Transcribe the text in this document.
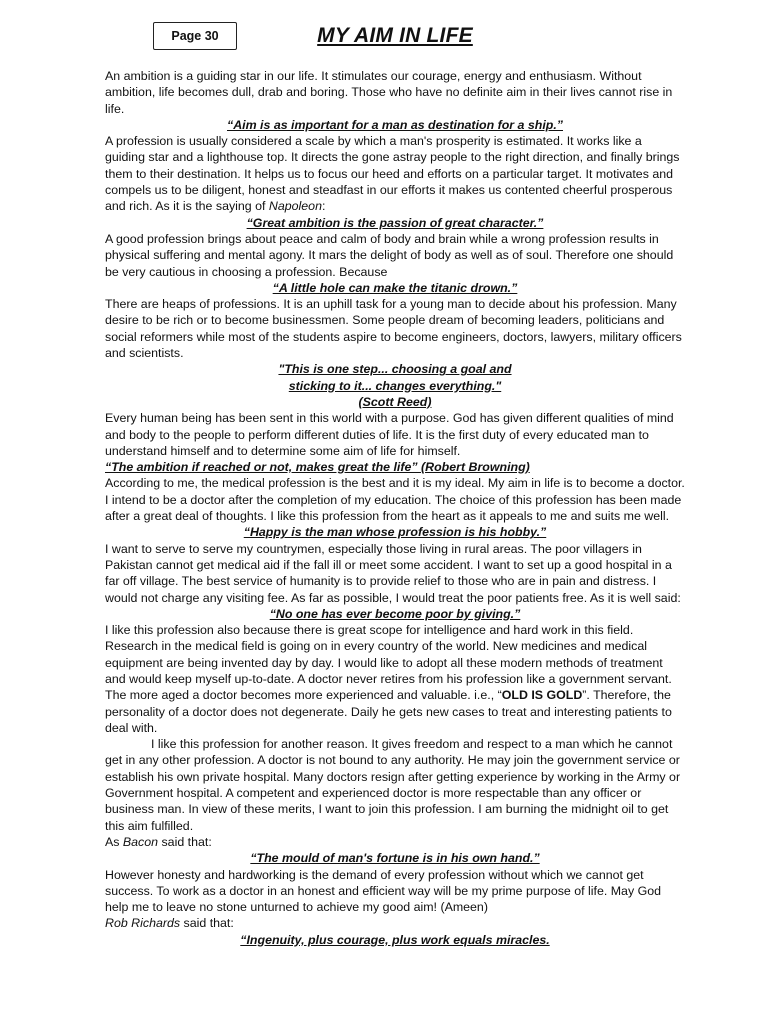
Page 30	MY AIM IN LIFE

An ambition is a guiding star in our life. It stimulates our courage, energy and enthusiasm. Without ambition, life becomes dull, drab and boring. Those who have no definite aim in their lives cannot rise in life.

“Aim is as important for a man as destination for a ship.”

A profession is usually considered a scale by which a man's prosperity is estimated. It works like a guiding star and a lighthouse top. It directs the gone astray people to the right direction, and finally brings them to their destination. It helps us to focus our heed and efforts on a particular target. It motivates and compels us to be diligent, honest and steadfast in our efforts it makes us contented cheerful prosperous and rich. As it is the saying of Napoleon:

“Great ambition is the passion of great character.”

A good profession brings about peace and calm of body and brain while a wrong profession results in physical suffering and mental agony. It mars the delight of body as well as of soul. Therefore one should be very cautious in choosing a profession. Because

“A little hole can make the titanic drown.”

There are heaps of professions. It is an uphill task for a young man to decide about his profession. Many desire to be rich or to become businessmen. Some people dream of becoming leaders, politicians and social reformers while most of the students aspire to become engineers, doctors, lawyers, military officers and scientists.

"This is one step... choosing a goal and

sticking to it... changes everything."

(Scott Reed)

Every human being has been sent in this world with a purpose. God has given different qualities of mind and body to the people to perform different duties of life. It is the first duty of every educated man to understand himself and to determine some aim of life for himself.

“The ambition if reached or not, makes great the life” (Robert Browning)

According to me, the medical profession is the best and it is my ideal. My aim in life is to become a doctor. I intend to be a doctor after the completion of my education. The choice of this profession has been made after a great deal of thoughts. I like this profession from the heart as it appeals to me and suits me well.

“Happy is the man whose profession is his hobby.”

I want to serve to serve my countrymen, especially those living in rural areas. The poor villagers in Pakistan cannot get medical aid if the fall ill or meet some accident. I want to set up a good hospital in a far off village. The best service of humanity is to provide relief to those who are in pain and distress. I would not charge any visiting fee. As far as possible, I would treat the poor patients free. As it is well said:

“No one has ever become poor by giving.”

I like this profession also because there is great scope for intelligence and hard work in this field. Research in the medical field is going on in every country of the world. New medicines and medical equipment are being invented day by day. I would like to adopt all these modern methods of treatment and would keep myself up-to-date. A doctor never retires from his profession like a government servant. The more aged a doctor becomes more experienced and valuable. i.e., “OLD IS GOLD”. Therefore, the personality of a doctor does not degenerate. Daily he gets new cases to treat and interesting patients to deal with.

I like this profession for another reason. It gives freedom and respect to a man which he cannot get in any other profession. A doctor is not bound to any authority. He may join the government service or establish his own private hospital. Many doctors resign after getting experience by working in the Army or Government hospital. A competent and experienced doctor is more respectable than any officer or business man. In view of these merits, I want to join this profession. I am burning the midnight oil to get this aim fulfilled.

As Bacon said that:

“The mould of man's fortune is in his own hand.”

However honesty and hardworking is the demand of every profession without which we cannot get success. To work as a doctor in an honest and efficient way will be my prime purpose of life. May God help me to leave no stone unturned to achieve my good aim! (Ameen)

Rob Richards said that:

“Ingenuity, plus courage, plus work equals miracles.
